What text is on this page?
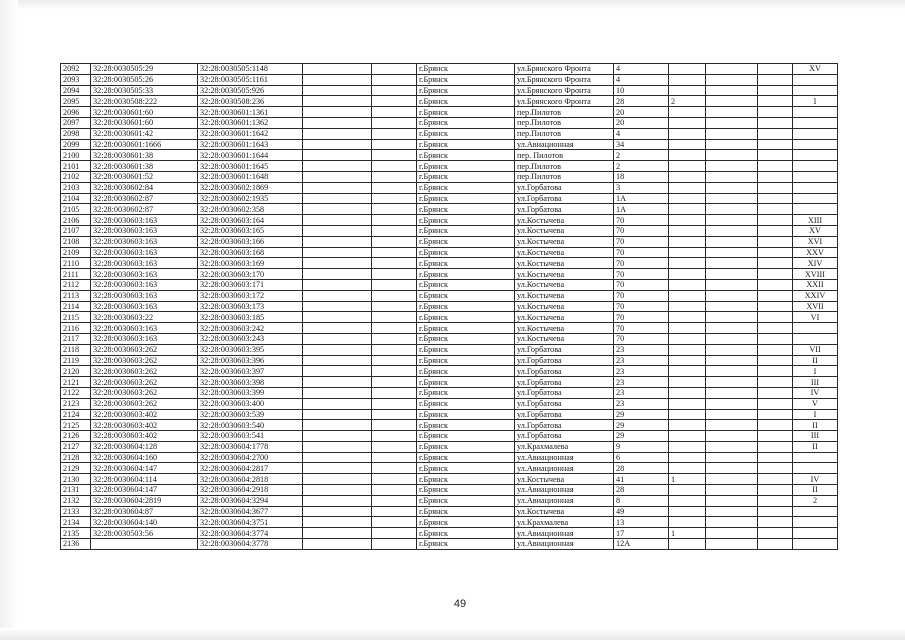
2092	32:28:0030505:29	32:28:0030505:1148			г.Брянск	ул.Брянского Фронта	4				XV
2093	32:28:0030505:26	32:28:0030505:1161			г.Брянск	ул.Брянского Фронта	4				
2094	32:28:0030505:33	32:28:0030505:926			г.Брянск	ул.Брянского Фронта	10				
2095	32:28:0030508:222	32:28:0030508:236			г.Брянск	ул.Брянского Фронта	28	2			I
2096	32:28:0030601:60	32:28:0030601:1361			г.Брянск	пер.Пилотов	20				
2097	32:28:0030601:60	32:28:0030601:1362			г.Брянск	пер.Пилотов	20				
2098	32:28:0030601:42	32:28:0030601:1642			г.Брянск	пер.Пилотов	4				
2099	32:28:0030601:1666	32:28:0030601:1643			г.Брянск	ул.Авиационная	34				
2100	32:28:0030601:38	32:28:0030601:1644			г.Брянск	пер. Пилотов	2				
2101	32:28:0030601:38	32:28:0030601:1645			г.Брянск	пер.Пилотов	2				
2102	32:28:0030601:52	32:28:0030601:1648			г.Брянск	пер.Пилотов	18				
2103	32:28:0030602:84	32:28:0030602:1869			г.Брянск	ул.Горбатова	3				
2104	32:28:0030602:87	32:28:0030602:1935			г.Брянск	ул.Горбатова	1А				
2105	32:28:0030602:87	32:28:0030602:358			г.Брянск	ул.Горбатова	1А				
2106	32:28:0030603:163	32:28:0030603:164			г.Брянск	ул.Костычева	70				XIII
2107	32:28:0030603:163	32:28:0030603:165			г.Брянск	ул.Костычева	70				XV
2108	32:28:0030603:163	32:28:0030603:166			г.Брянск	ул.Костычева	70				XVI
2109	32:28:0030603:163	32:28:0030603:168			г.Брянск	ул.Костычева	70				XXV
2110	32:28:0030603:163	32:28:0030603:169			г.Брянск	ул.Костычева	70				XIV
2111	32:28:0030603:163	32:28:0030603:170			г.Брянск	ул.Костычева	70				XVIII
2112	32:28:0030603:163	32:28:0030603:171			г.Брянск	ул.Костычева	70				XXII
2113	32:28:0030603:163	32:28:0030603:172			г.Брянск	ул.Костычева	70				XXIV
2114	32:28:0030603:163	32:28:0030603:173			г.Брянск	ул.Костычева	70				XVII
2115	32:28:0030603:22	32:28:0030603:185			г.Брянск	ул.Костычева	70				VI
2116	32:28:0030603:163	32:28:0030603:242			г.Брянск	ул.Костычева	70				
2117	32:28:0030603:163	32:28:0030603:243			г.Брянск	ул.Костычева	70				
2118	32:28:0030603:262	32:28:0030603:395			г.Брянск	ул.Горбатова	23				VII
2119	32:28:0030603:262	32:28:0030603:396			г.Брянск	ул.Горбатова	23				II
2120	32:28:0030603:262	32:28:0030603:397			г.Брянск	ул.Горбатова	23				I
2121	32:28:0030603:262	32:28:0030603:398			г.Брянск	ул.Горбатова	23				III
2122	32:28:0030603:262	32:28:0030603:399			г.Брянск	ул.Горбатова	23				IV
2123	32:28:0030603:262	32:28:0030603:400			г.Брянск	ул.Горбатова	23				V
2124	32:28:0030603:402	32:28:0030603:539			г.Брянск	ул.Горбатова	29				I
2125	32:28:0030603:402	32:28:0030603:540			г.Брянск	ул.Горбатова	29				II
2126	32:28:0030603:402	32:28:0030603:541			г.Брянск	ул.Горбатова	29				III
2127	32:28:0030604:128	32:28:0030604:1778			г.Брянск	ул.Крахмалева	9				II
2128	32:28:0030604:160	32:28:0030604:2700			г.Брянск	ул.Авиационная	6				
2129	32:28:0030604:147	32:28:0030604:2817			г.Брянск	ул.Авиационная	28				
2130	32:28:0030604:114	32:28:0030604:2818			г.Брянск	ул.Костычева	41	1			IV
2131	32:28:0030604:147	32:28:0030604:2918			г.Брянск	ул.Авиационная	28				II
2132	32:28:0030604:2819	32:28:0030604:3294			г.Брянск	ул.Авиационная	8				2
2133	32:28:0030604:87	32:28:0030604:3677			г.Брянск	ул.Костычева	49				
2134	32:28:0030604:140	32:28:0030604:3751			г.Брянск	ул.Крахмалева	13				
2135	32:28:0030503:56	32:28:0030604:3774			г.Брянск	ул.Авиационная	17	1			
2136		32:28:0030604:3778			г.Брянск	ул.Авиационная	12А				
49
